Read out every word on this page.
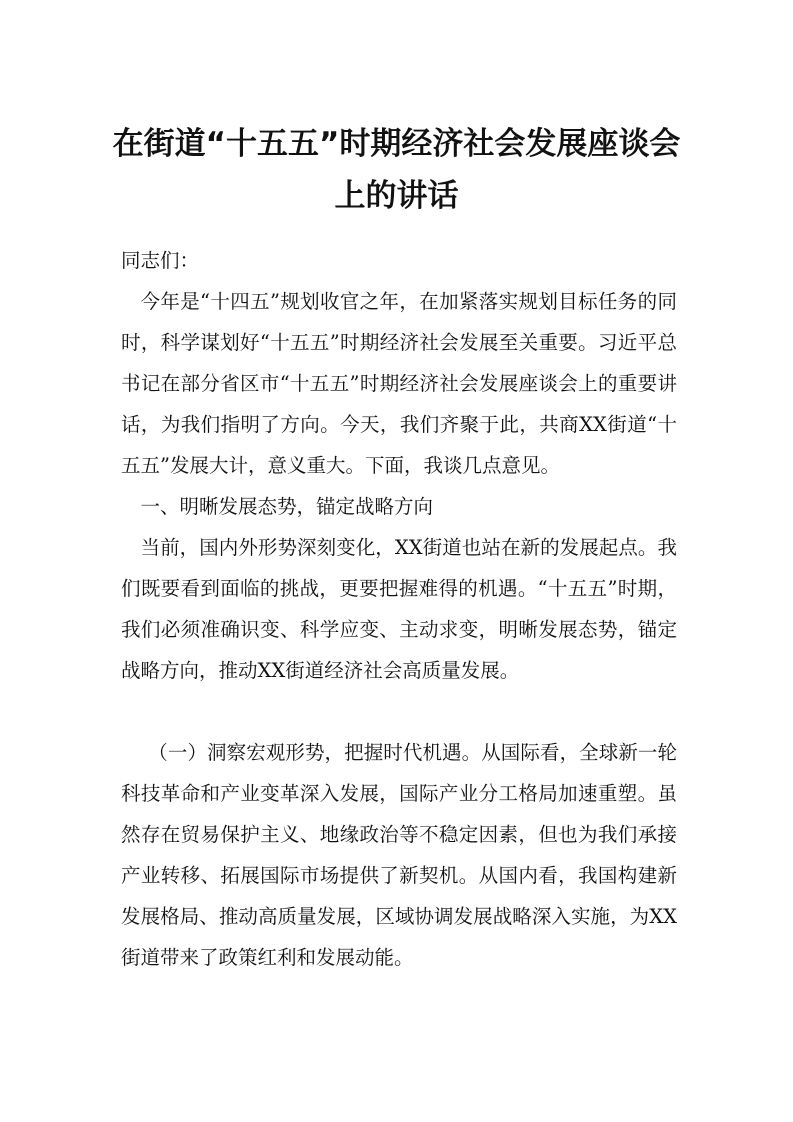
在街道“十五五”时期经济社会发展座谈会
上的讲话

同志们：

今年是“十四五”规划收官之年，在加紧落实规划目标任务的同时，科学谋划好“十五五”时期经济社会发展至关重要。习近平总书记在部分省区市“十五五”时期经济社会发展座谈会上的重要讲话，为我们指明了方向。今天，我们齐聚于此，共商XX街道“十五五”发展大计，意义重大。下面，我谈几点意见。

一、明晰发展态势，锚定战略方向

当前，国内外形势深刻变化，XX街道也站在新的发展起点。我们既要看到面临的挑战，更要把握难得的机遇。“十五五”时期，我们必须准确识变、科学应变、主动求变，明晰发展态势，锚定战略方向，推动XX街道经济社会高质量发展。

（一）洞察宏观形势，把握时代机遇。从国际看，全球新一轮科技革命和产业变革深入发展，国际产业分工格局加速重塑。虽然存在贸易保护主义、地缘政治等不稳定因素，但也为我们承接产业转移、拓展国际市场提供了新契机。从国内看，我国构建新发展格局、推动高质量发展，区域协调发展战略深入实施，为XX街道带来了政策红利和发展动能。
